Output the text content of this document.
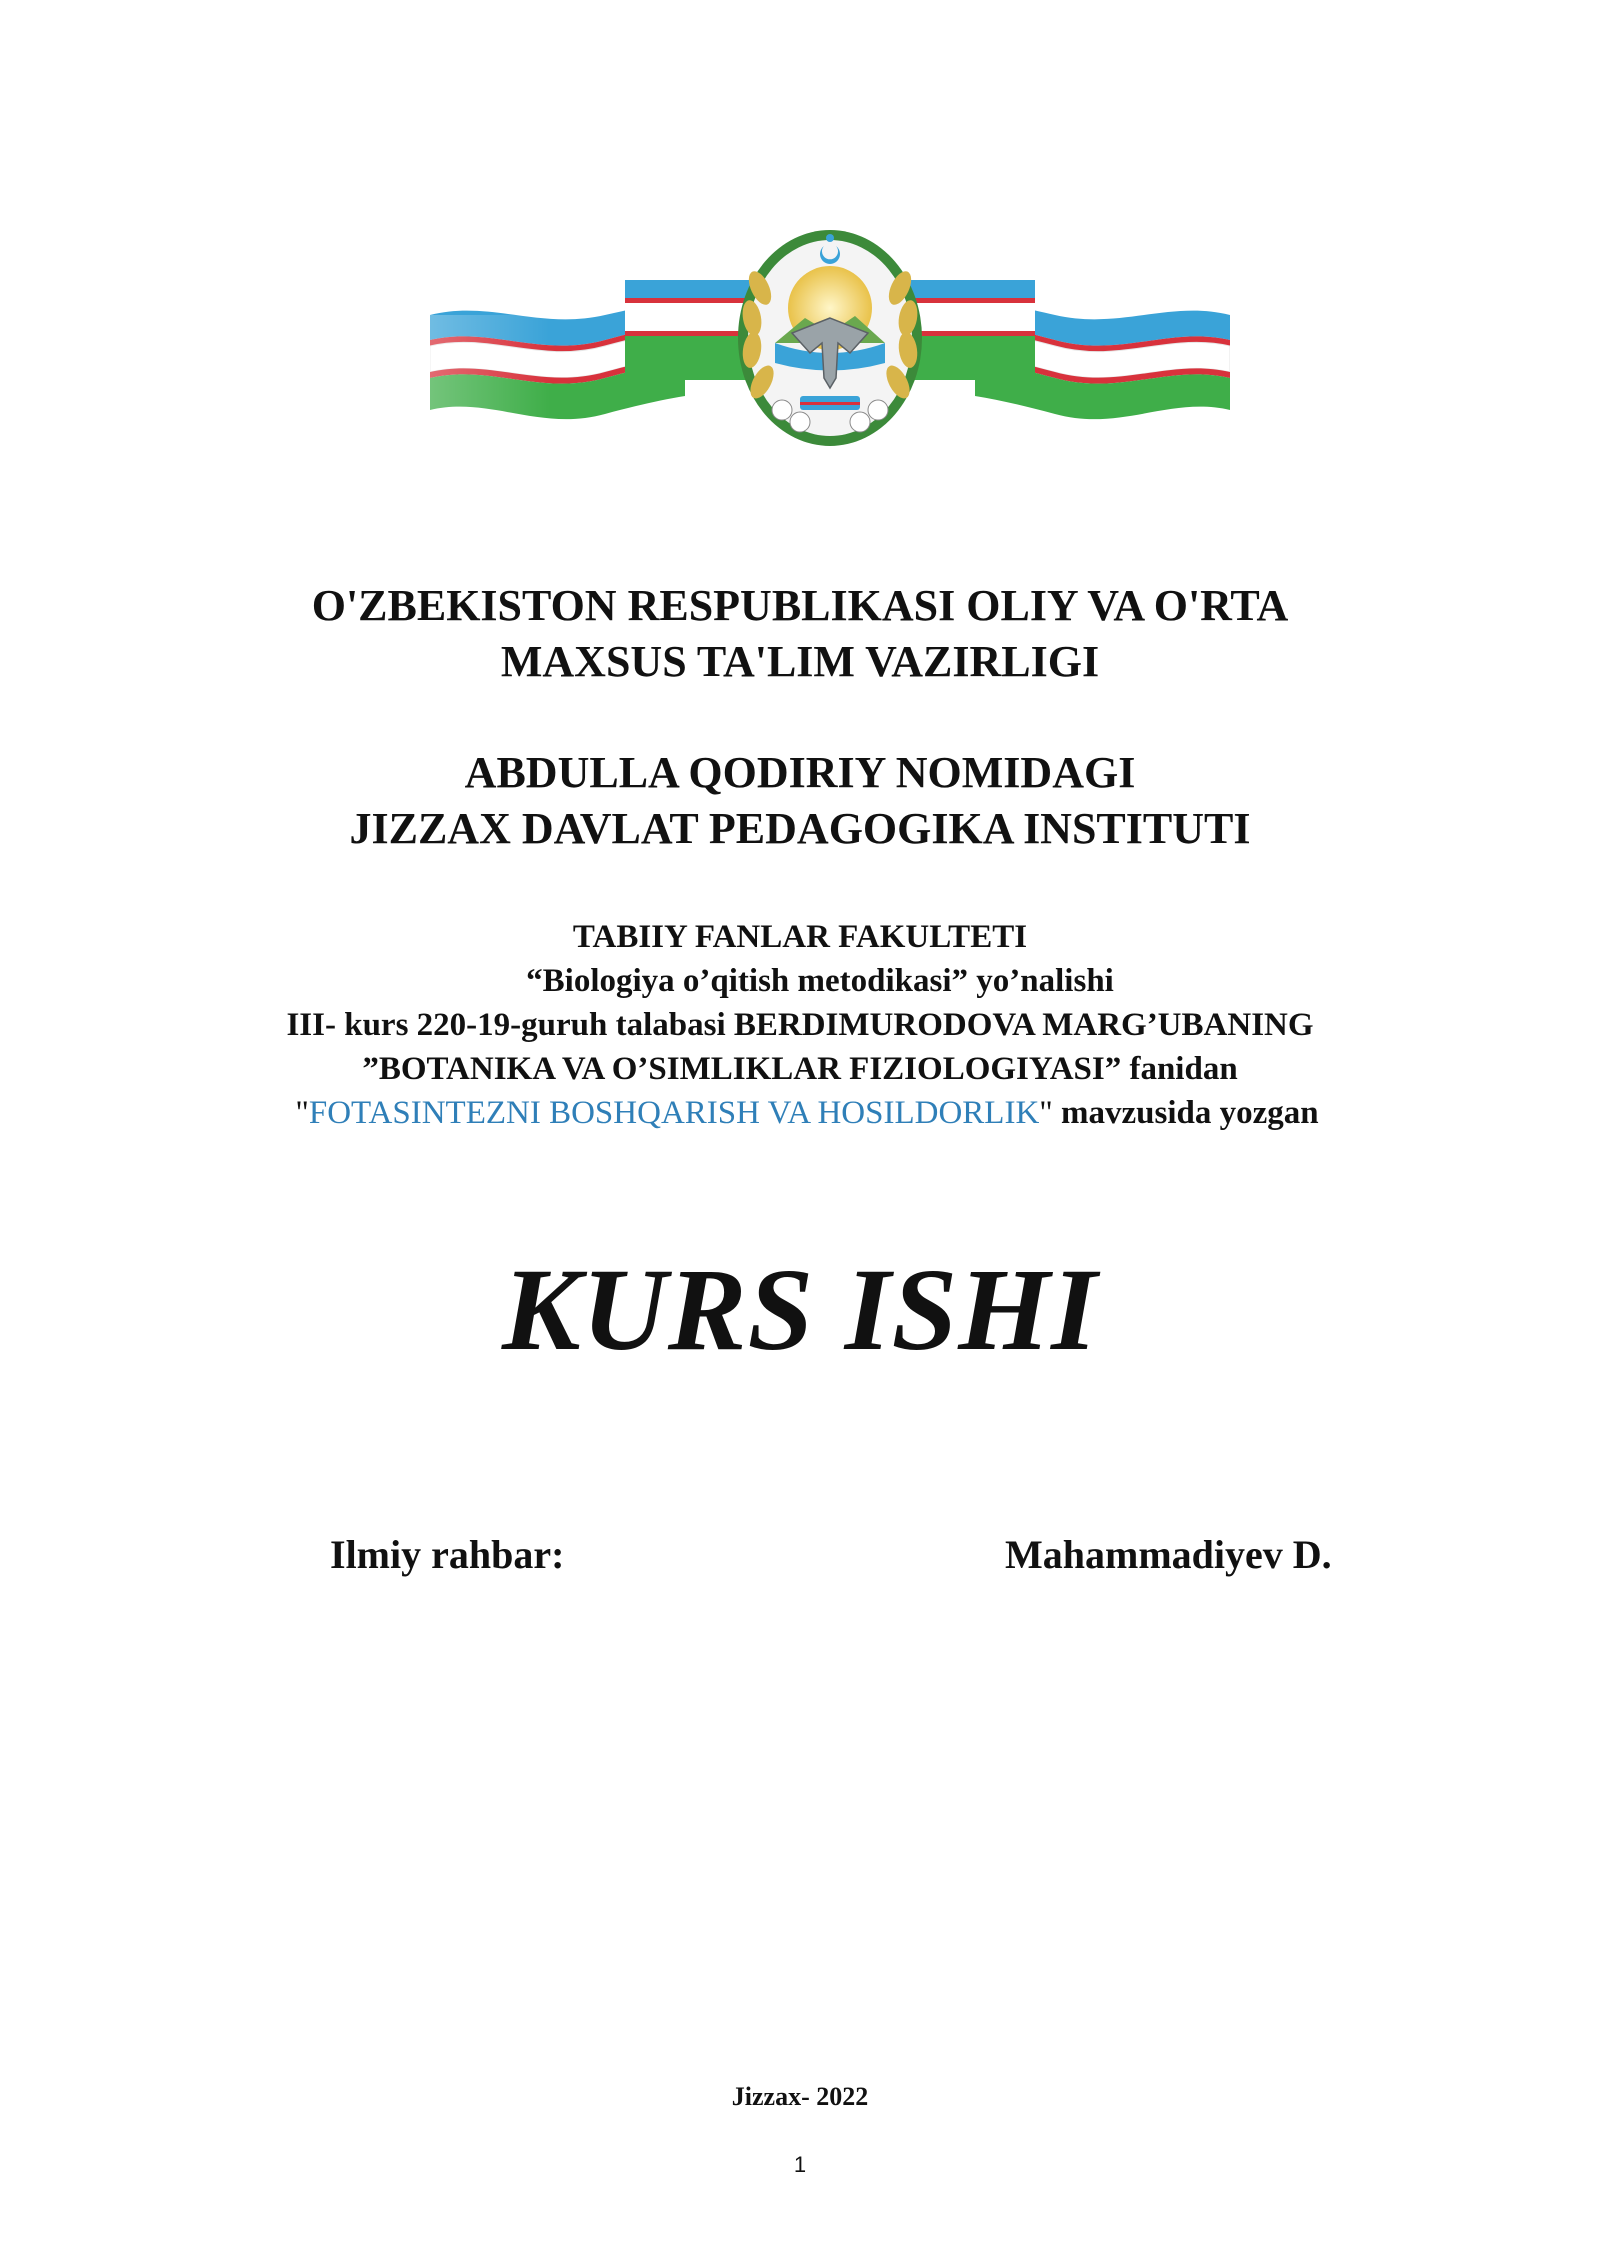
O'ZBEKISTON RESPUBLIKASI OLIY VA O'RTA
MAXSUS TA'LIM VAZIRLIGI
ABDULLA QODIRIY NOMIDAGI
JIZZAX DAVLAT PEDAGOGIKA INSTITUTI
TABIIY FANLAR FAKULTETI
“Biologiya o’qitish metodikasi” yo’nalishi
III- kurs 220-19-guruh talabasi BERDIMURODOVA MARG’UBANING
”BOTANIKA VA O’SIMLIKLAR FIZIOLOGIYASI” fanidan
"FOTASINTEZNI BOSHQARISH VA HOSILDORLIK" mavzusida yozgan
KURS ISHI
Ilmiy rahbar:	Mahammadiyev D.
Jizzax- 2022
1
